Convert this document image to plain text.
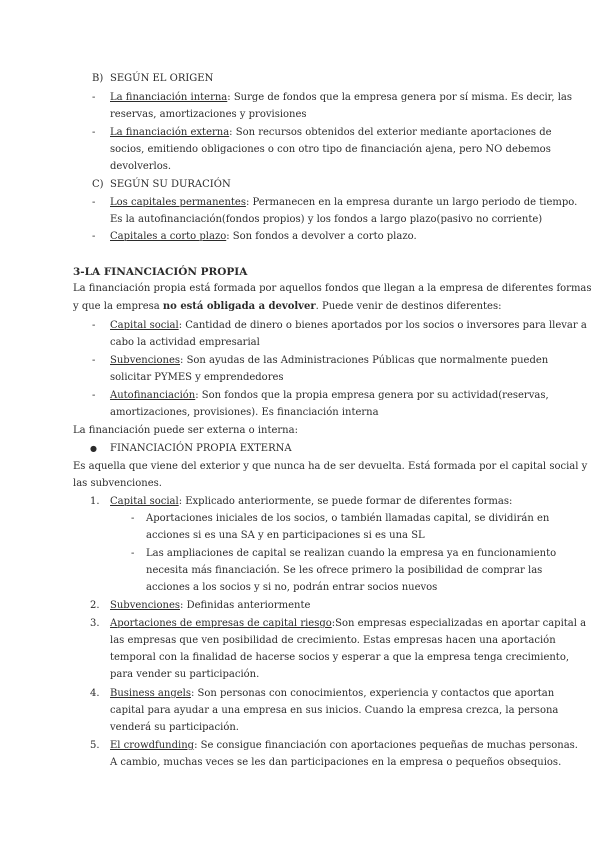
B) SEGÚN EL ORIGEN
- La financiación interna: Surge de fondos que la empresa genera por sí misma. Es decir, las
reservas, amortizaciones y provisiones
- La financiación externa: Son recursos obtenidos del exterior mediante aportaciones de
socios, emitiendo obligaciones o con otro tipo de financiación ajena, pero NO debemos
devolverlos.
C) SEGÚN SU DURACIÓN
- Los capitales permanentes: Permanecen en la empresa durante un largo periodo de tiempo.
Es la autofinanciación(fondos propios) y los fondos a largo plazo(pasivo no corriente)
- Capitales a corto plazo: Son fondos a devolver a corto plazo.
3-LA FINANCIACIÓN PROPIA
La financiación propia está formada por aquellos fondos que llegan a la empresa de diferentes formas
y que la empresa no está obligada a devolver. Puede venir de destinos diferentes:
- Capital social: Cantidad de dinero o bienes aportados por los socios o inversores para llevar a
cabo la actividad empresarial
- Subvenciones: Son ayudas de las Administraciones Públicas que normalmente pueden
solicitar PYMES y emprendedores
- Autofinanciación: Son fondos que la propia empresa genera por su actividad(reservas,
amortizaciones, provisiones). Es financiación interna
La financiación puede ser externa o interna:
● FINANCIACIÓN PROPIA EXTERNA
Es aquella que viene del exterior y que nunca ha de ser devuelta. Está formada por el capital social y
las subvenciones.
1. Capital social: Explicado anteriormente, se puede formar de diferentes formas:
- Aportaciones iniciales de los socios, o también llamadas capital, se dividirán en
acciones si es una SA y en participaciones si es una SL
- Las ampliaciones de capital se realizan cuando la empresa ya en funcionamiento
necesita más financiación. Se les ofrece primero la posibilidad de comprar las
acciones a los socios y si no, podrán entrar socios nuevos
2. Subvenciones: Definidas anteriormente
3. Aportaciones de empresas de capital riesgo:Son empresas especializadas en aportar capital a
las empresas que ven posibilidad de crecimiento. Estas empresas hacen una aportación
temporal con la finalidad de hacerse socios y esperar a que la empresa tenga crecimiento,
para vender su participación.
4. Business angels: Son personas con conocimientos, experiencia y contactos que aportan
capital para ayudar a una empresa en sus inicios. Cuando la empresa crezca, la persona
venderá su participación.
5. El crowdfunding: Se consigue financiación con aportaciones pequeñas de muchas personas.
A cambio, muchas veces se les dan participaciones en la empresa o pequeños obsequios.
